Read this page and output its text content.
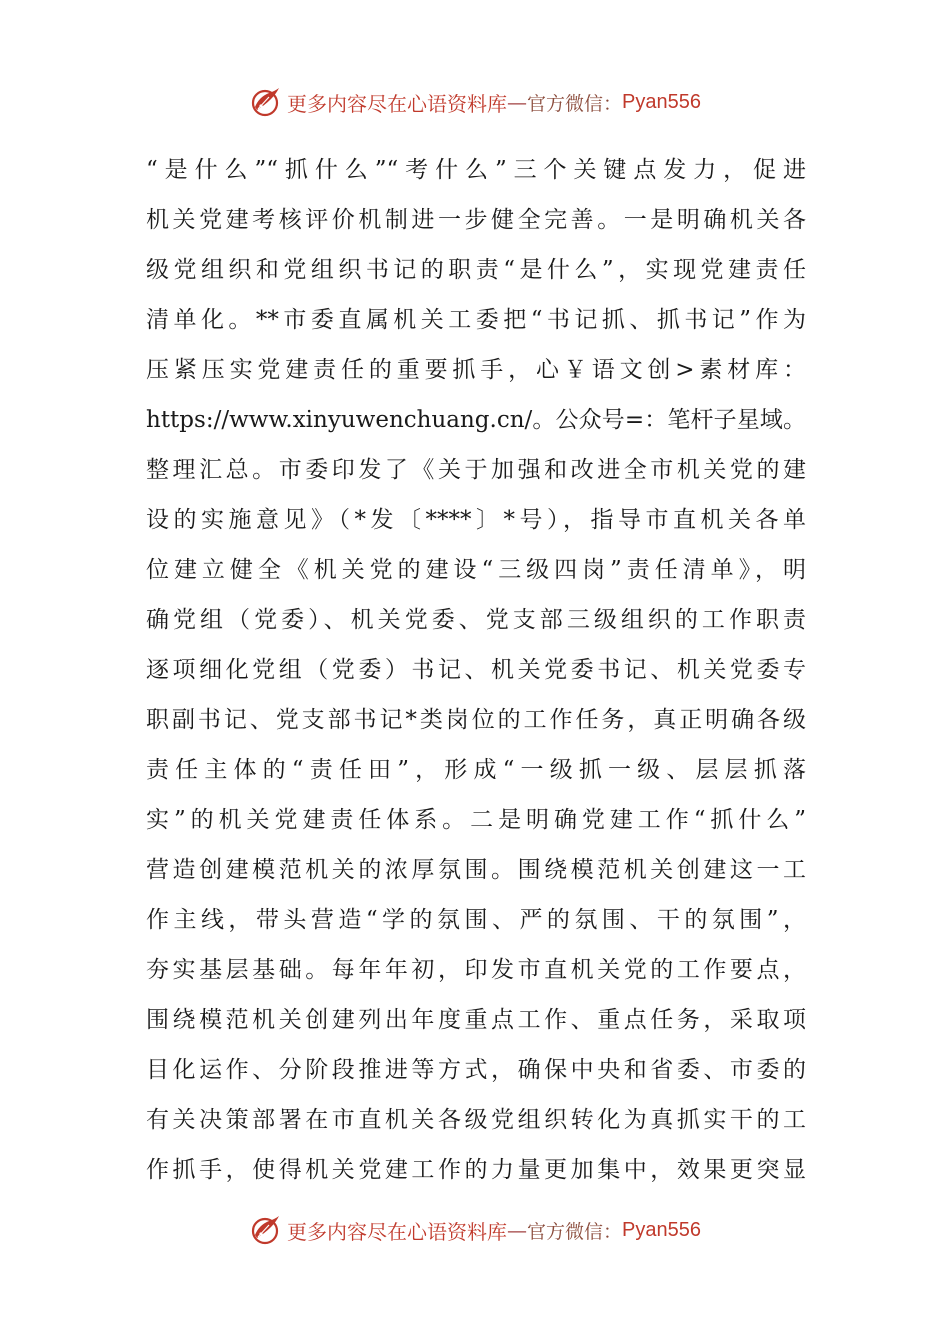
更多内容尽在心语资料库 — 官方微信： Pyan556
“是什么”“抓什么”“考什么”三个关键点发力，促进
机关党建考核评价机制进一步健全完善。一是明确机关各
级党组织和党组织书记的职责“是什么”，实现党建责任
清单化。**市委直属机关工委把“书记抓、抓书记”作为
压紧压实党建责任的重要抓手，心￥语文创>素材库：
https://www.xinyuwenchuang.cn/。公众号=：笔杆子星域。
整理汇总。市委印发了《关于加强和改进全市机关党的建
设的实施意见》（*发〔****〕*号），指导市直机关各单
位建立健全《机关党的建设“三级四岗”责任清单》，明
确党组（党委）、机关党委、党支部三级组织的工作职责
逐项细化党组（党委）书记、机关党委书记、机关党委专
职副书记、党支部书记*类岗位的工作任务，真正明确各级
责任主体的“责任田”，形成“一级抓一级、层层抓落
实”的机关党建责任体系。二是明确党建工作“抓什么”
营造创建模范机关的浓厚氛围。围绕模范机关创建这一工
作主线，带头营造“学的氛围、严的氛围、干的氛围”，
夯实基层基础。每年年初，印发市直机关党的工作要点，
围绕模范机关创建列出年度重点工作、重点任务，采取项
目化运作、分阶段推进等方式，确保中央和省委、市委的
有关决策部署在市直机关各级党组织转化为真抓实干的工
作抓手，使得机关党建工作的力量更加集中，效果更突显
更多内容尽在心语资料库 — 官方微信： Pyan556
